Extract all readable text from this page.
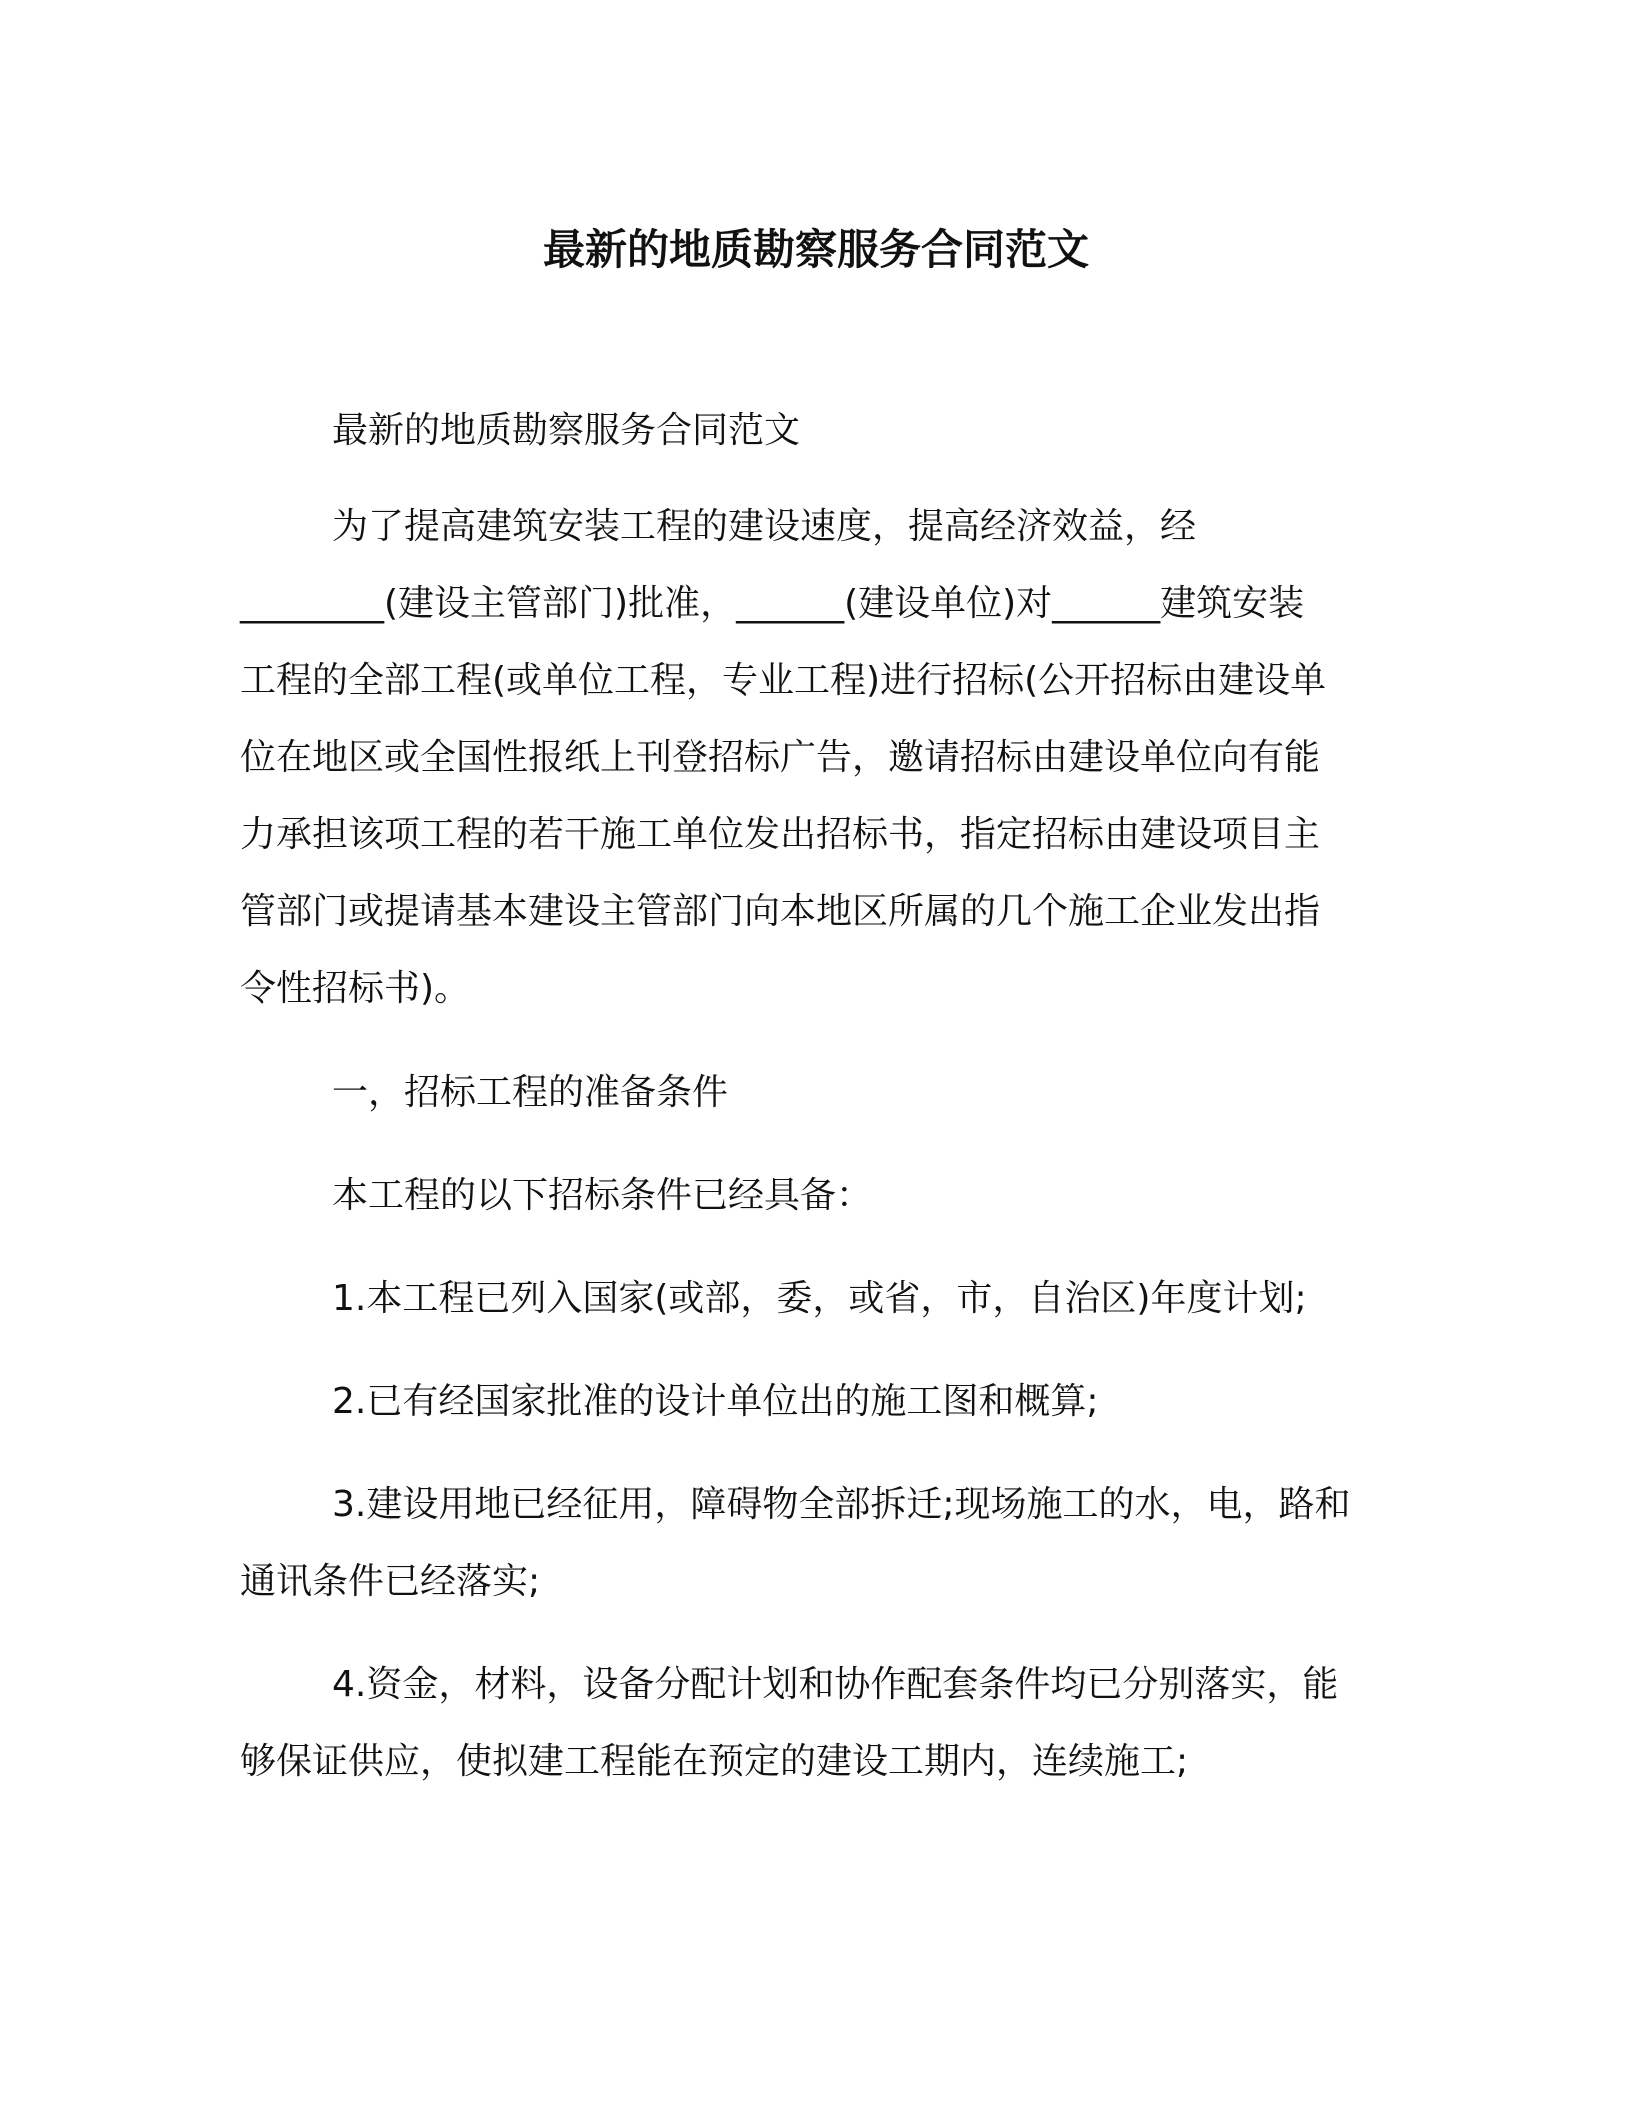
最新的地质勘察服务合同范文

最新的地质勘察服务合同范文

为了提高建筑安装工程的建设速度，提高经济效益，经
________(建设主管部门)批准，______(建设单位)对______建筑安装
工程的全部工程(或单位工程，专业工程)进行招标(公开招标由建设单
位在地区或全国性报纸上刊登招标广告，邀请招标由建设单位向有能
力承担该项工程的若干施工单位发出招标书，指定招标由建设项目主
管部门或提请基本建设主管部门向本地区所属的几个施工企业发出指
令性招标书)。

一，招标工程的准备条件

本工程的以下招标条件已经具备：

1.本工程已列入国家(或部，委，或省，市，自治区)年度计划;

2.已有经国家批准的设计单位出的施工图和概算;

3.建设用地已经征用，障碍物全部拆迁;现场施工的水，电，路和
通讯条件已经落实;
4.资金，材料，设备分配计划和协作配套条件均已分别落实，能
够保证供应，使拟建工程能在预定的建设工期内，连续施工;
